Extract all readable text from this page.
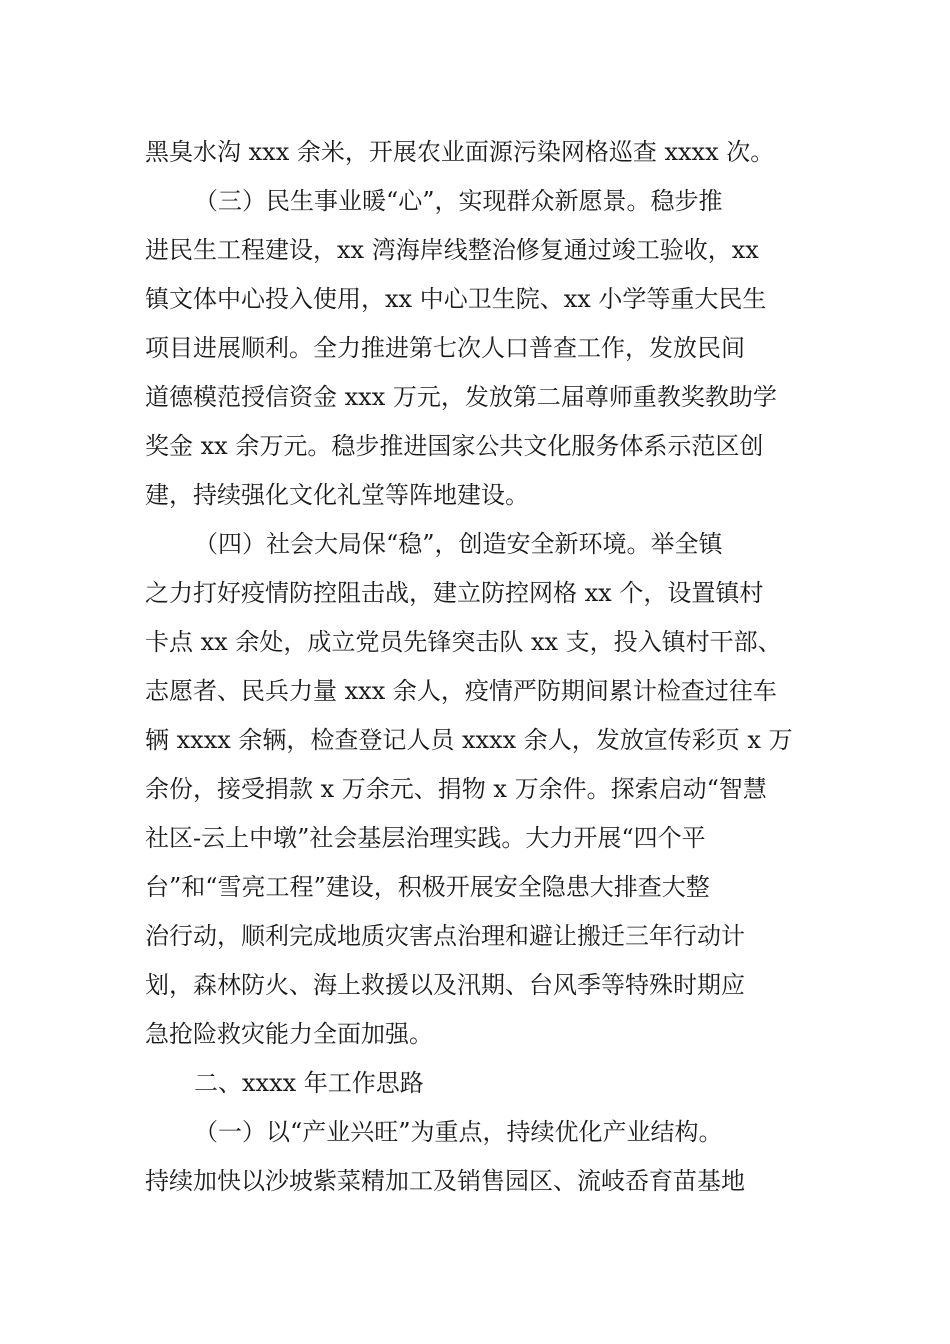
黑臭水沟 xxx 余米，开展农业面源污染网格巡查 xxxx 次。
（三）民生事业暖“心”，实现群众新愿景。稳步推
进民生工程建设，xx 湾海岸线整治修复通过竣工验收，xx
镇文体中心投入使用，xx 中心卫生院、xx 小学等重大民生
项目进展顺利。全力推进第七次人口普查工作，发放民间
道德模范授信资金 xxx 万元，发放第二届尊师重教奖教助学
奖金 xx 余万元。稳步推进国家公共文化服务体系示范区创
建，持续强化文化礼堂等阵地建设。
（四）社会大局保“稳”，创造安全新环境。举全镇
之力打好疫情防控阻击战，建立防控网格 xx 个，设置镇村
卡点 xx 余处，成立党员先锋突击队 xx 支，投入镇村干部、
志愿者、民兵力量 xxx 余人，疫情严防期间累计检查过往车
辆 xxxx 余辆，检查登记人员 xxxx 余人，发放宣传彩页 x 万
余份，接受捐款 x 万余元、捐物 x 万余件。探索启动“智慧
社区-云上中墩”社会基层治理实践。大力开展“四个平
台”和“雪亮工程”建设，积极开展安全隐患大排查大整
治行动，顺利完成地质灾害点治理和避让搬迁三年行动计
划，森林防火、海上救援以及汛期、台风季等特殊时期应
急抢险救灾能力全面加强。
二、xxxx 年工作思路
（一）以“产业兴旺”为重点，持续优化产业结构。
持续加快以沙坡紫菜精加工及销售园区、流岐岙育苗基地
